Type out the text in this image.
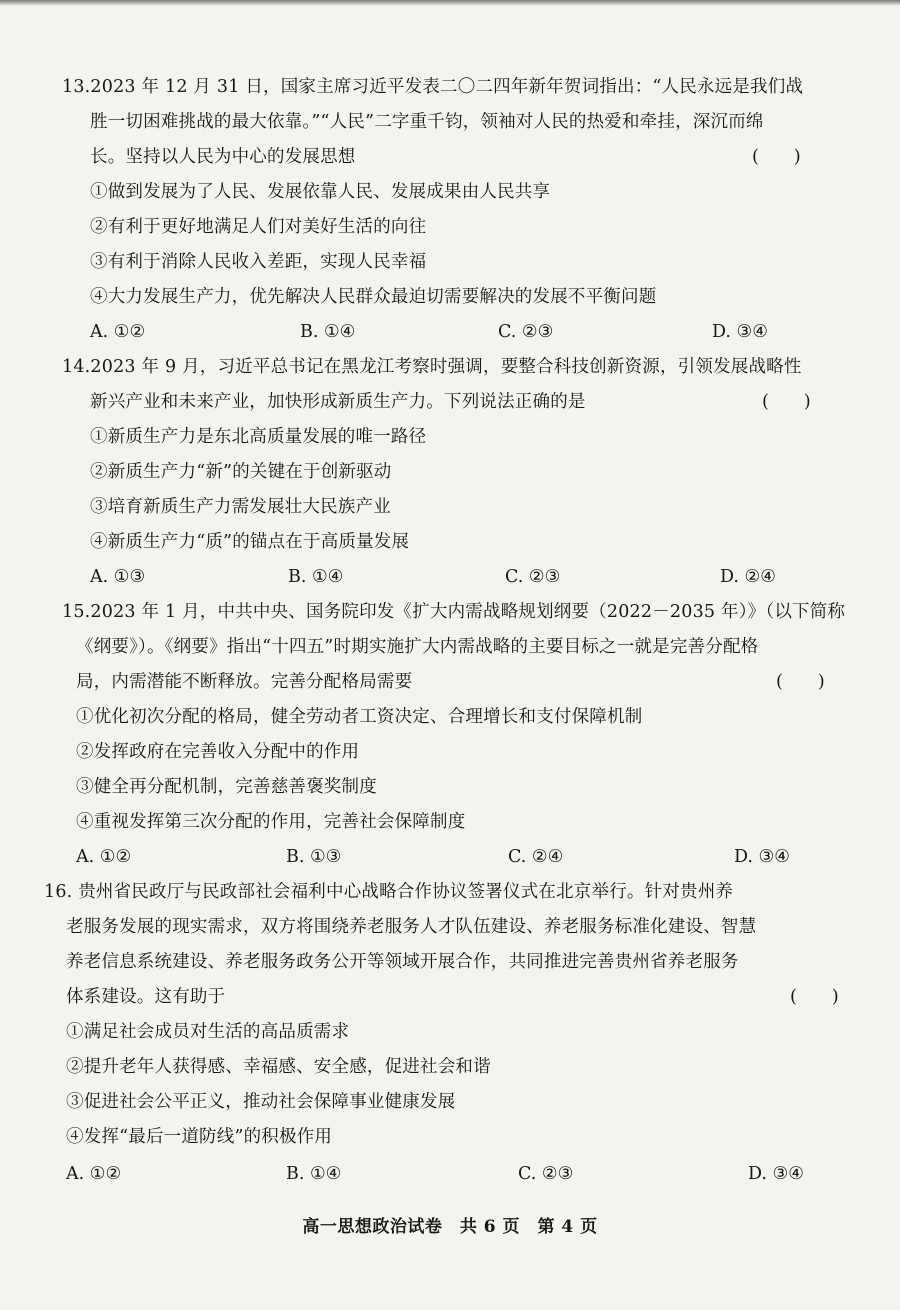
13.2023 年 12 月 31 日，国家主席习近平发表二〇二四年新年贺词指出：“人民永远是我们战
胜一切困难挑战的最大依靠。”“人民”二字重千钧，领袖对人民的热爱和牵挂，深沉而绵
长。坚持以人民为中心的发展思想	(　　)
①做到发展为了人民、发展依靠人民、发展成果由人民共享
②有利于更好地满足人们对美好生活的向往
③有利于消除人民收入差距，实现人民幸福
④大力发展生产力，优先解决人民群众最迫切需要解决的发展不平衡问题
A. ①②	B. ①④	C. ②③	D. ③④
14.2023 年 9 月，习近平总书记在黑龙江考察时强调，要整合科技创新资源，引领发展战略性
新兴产业和未来产业，加快形成新质生产力。下列说法正确的是	(　　)
①新质生产力是东北高质量发展的唯一路径
②新质生产力“新”的关键在于创新驱动
③培育新质生产力需发展壮大民族产业
④新质生产力“质”的锚点在于高质量发展
A. ①③	B. ①④	C. ②③	D. ②④
15.2023 年 1 月，中共中央、国务院印发《扩大内需战略规划纲要（2022－2035 年）》（以下简称
《纲要》）。《纲要》指出“十四五”时期实施扩大内需战略的主要目标之一就是完善分配格
局，内需潜能不断释放。完善分配格局需要	(　　)
①优化初次分配的格局，健全劳动者工资决定、合理增长和支付保障机制
②发挥政府在完善收入分配中的作用
③健全再分配机制，完善慈善褒奖制度
④重视发挥第三次分配的作用，完善社会保障制度
A. ①②	B. ①③	C. ②④	D. ③④
16. 贵州省民政厅与民政部社会福利中心战略合作协议签署仪式在北京举行。针对贵州养
老服务发展的现实需求，双方将围绕养老服务人才队伍建设、养老服务标准化建设、智慧
养老信息系统建设、养老服务政务公开等领域开展合作，共同推进完善贵州省养老服务
体系建设。这有助于	(　　)
①满足社会成员对生活的高品质需求
②提升老年人获得感、幸福感、安全感，促进社会和谐
③促进社会公平正义，推动社会保障事业健康发展
④发挥“最后一道防线”的积极作用
A. ①②	B. ①④	C. ②③	D. ③④
高一思想政治试卷　共 6 页　第 4 页
